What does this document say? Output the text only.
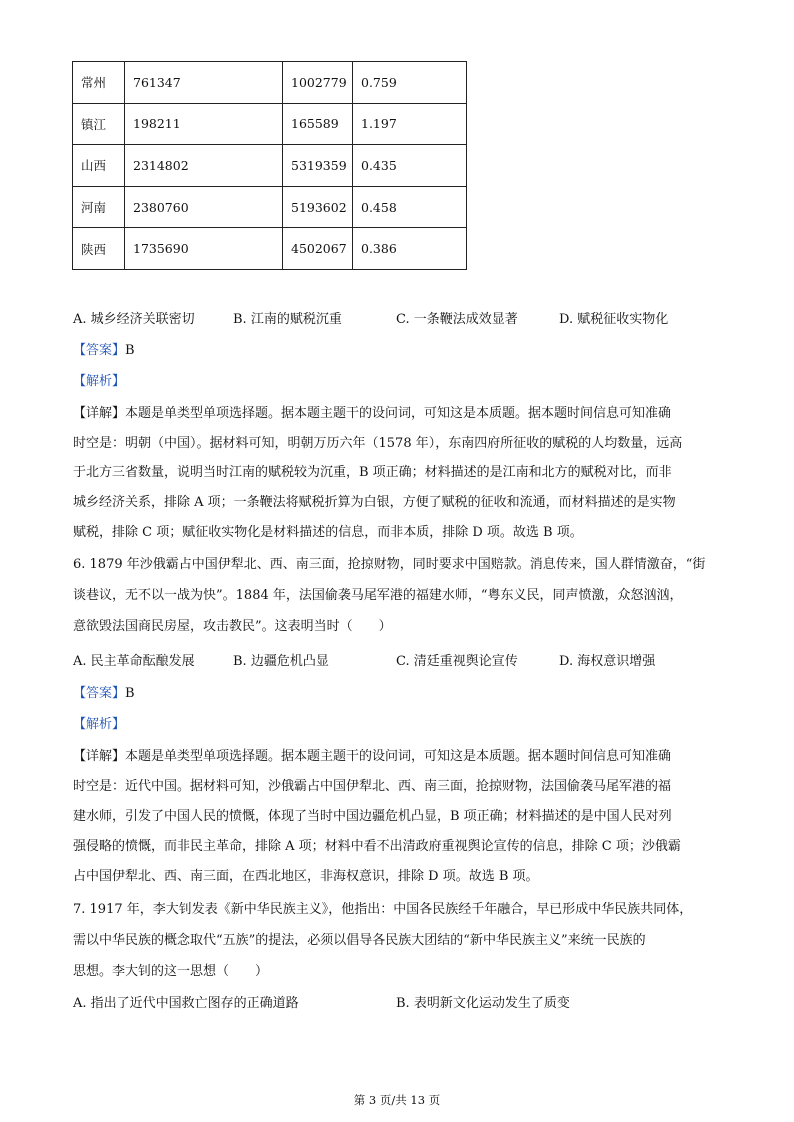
常州	761347	1002779	0.759
镇江	198211	165589	1.197
山西	2314802	5319359	0.435
河南	2380760	5193602	0.458
陕西	1735690	4502067	0.386
A. 城乡经济关联密切	B. 江南的赋税沉重	C. 一条鞭法成效显著	D. 赋税征收实物化
【答案】B
【解析】
【详解】本题是单类型单项选择题。据本题主题干的设问词，可知这是本质题。据本题时间信息可知准确
时空是：明朝（中国）。据材料可知，明朝万历六年（1578 年），东南四府所征收的赋税的人均数量，远高
于北方三省数量，说明当时江南的赋税较为沉重，B 项正确；材料描述的是江南和北方的赋税对比，而非
城乡经济关系，排除 A 项；一条鞭法将赋税折算为白银，方便了赋税的征收和流通，而材料描述的是实物
赋税，排除 C 项；赋征收实物化是材料描述的信息，而非本质，排除 D 项。故选 B 项。
6. 1879 年沙俄霸占中国伊犁北、西、南三面，抢掠财物，同时要求中国赔款。消息传来，国人群情激奋，“街
谈巷议，无不以一战为快”。1884 年，法国偷袭马尾军港的福建水师，“粤东义民，同声愤激，众怒汹汹，
意欲毁法国商民房屋，攻击教民”。这表明当时（　　）
A. 民主革命酝酿发展	B. 边疆危机凸显	C. 清廷重视舆论宣传	D. 海权意识增强
【答案】B
【解析】
【详解】本题是单类型单项选择题。据本题主题干的设问词，可知这是本质题。据本题时间信息可知准确
时空是：近代中国。据材料可知，沙俄霸占中国伊犁北、西、南三面，抢掠财物，法国偷袭马尾军港的福
建水师，引发了中国人民的愤慨，体现了当时中国边疆危机凸显，B 项正确；材料描述的是中国人民对列
强侵略的愤慨，而非民主革命，排除 A 项；材料中看不出清政府重视舆论宣传的信息，排除 C 项；沙俄霸
占中国伊犁北、西、南三面，在西北地区，非海权意识，排除 D 项。故选 B 项。
7. 1917 年，李大钊发表《新中华民族主义》，他指出：中国各民族经千年融合，早已形成中华民族共同体，
需以中华民族的概念取代“五族”的提法，必须以倡导各民族大团结的“新中华民族主义”来统一民族的
思想。李大钊的这一思想（　　）
A. 指出了近代中国救亡图存的正确道路	B. 表明新文化运动发生了质变
第 3 页/共 13 页
